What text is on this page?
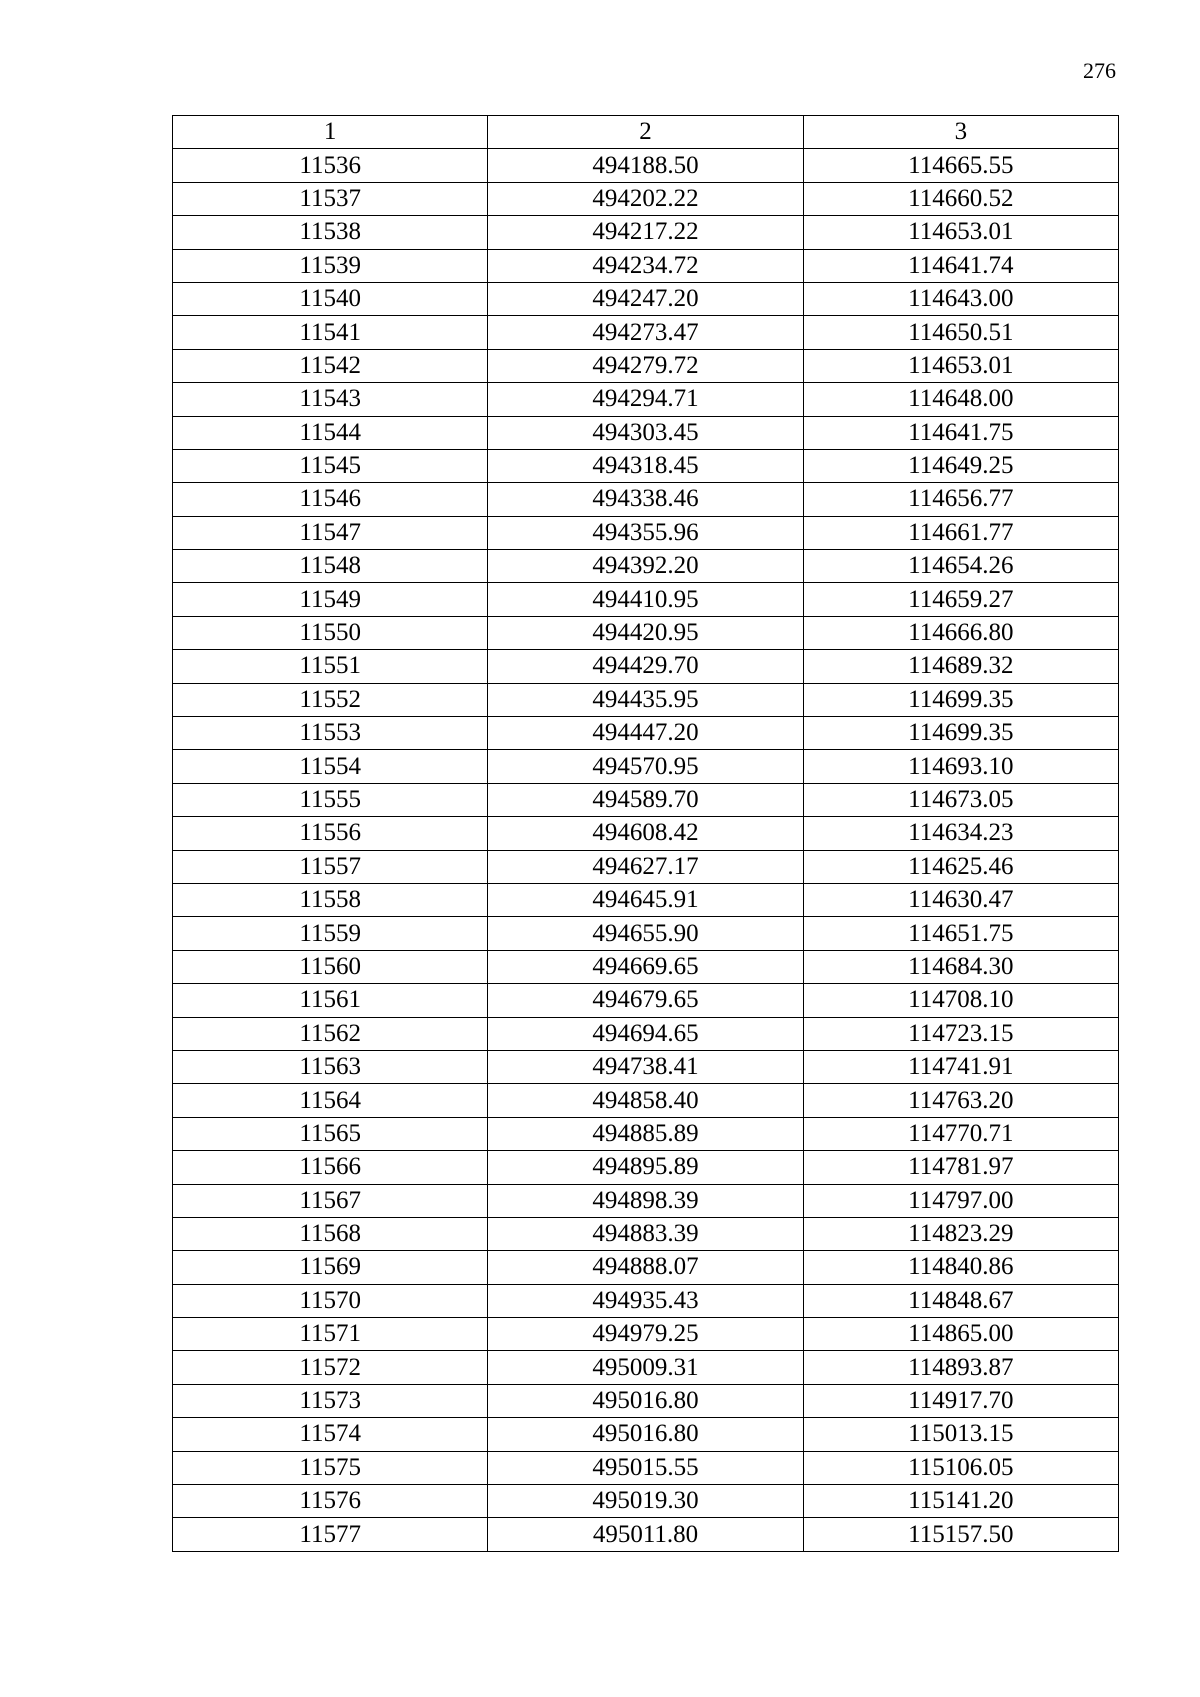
276
1	2	3
11536	494188.50	114665.55
11537	494202.22	114660.52
11538	494217.22	114653.01
11539	494234.72	114641.74
11540	494247.20	114643.00
11541	494273.47	114650.51
11542	494279.72	114653.01
11543	494294.71	114648.00
11544	494303.45	114641.75
11545	494318.45	114649.25
11546	494338.46	114656.77
11547	494355.96	114661.77
11548	494392.20	114654.26
11549	494410.95	114659.27
11550	494420.95	114666.80
11551	494429.70	114689.32
11552	494435.95	114699.35
11553	494447.20	114699.35
11554	494570.95	114693.10
11555	494589.70	114673.05
11556	494608.42	114634.23
11557	494627.17	114625.46
11558	494645.91	114630.47
11559	494655.90	114651.75
11560	494669.65	114684.30
11561	494679.65	114708.10
11562	494694.65	114723.15
11563	494738.41	114741.91
11564	494858.40	114763.20
11565	494885.89	114770.71
11566	494895.89	114781.97
11567	494898.39	114797.00
11568	494883.39	114823.29
11569	494888.07	114840.86
11570	494935.43	114848.67
11571	494979.25	114865.00
11572	495009.31	114893.87
11573	495016.80	114917.70
11574	495016.80	115013.15
11575	495015.55	115106.05
11576	495019.30	115141.20
11577	495011.80	115157.50
